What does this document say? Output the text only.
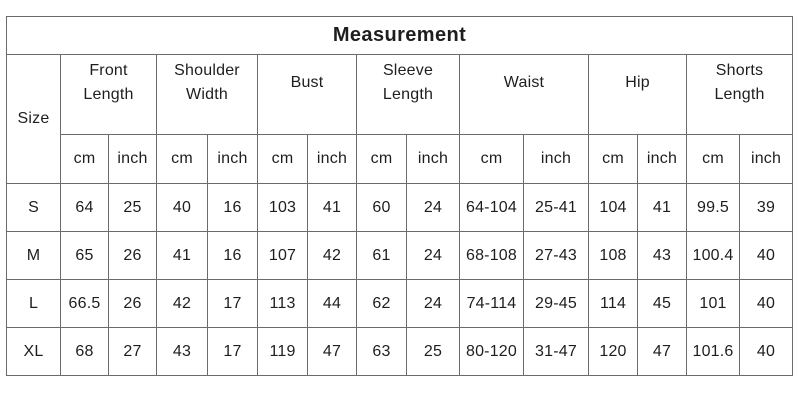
Measurement														
Size	Front Length		Shoulder Width		Bust		Sleeve Length		Waist		Hip		Shorts Length	
	cm	inch	cm	inch	cm	inch	cm	inch	cm	inch	cm	inch	cm	inch
S	64	25	40	16	103	41	60	24	64-104	25-41	104	41	99.5	39
M	65	26	41	16	107	42	61	24	68-108	27-43	108	43	100.4	40
L	66.5	26	42	17	113	44	62	24	74-114	29-45	114	45	101	40
XL	68	27	43	17	119	47	63	25	80-120	31-47	120	47	101.6	40
